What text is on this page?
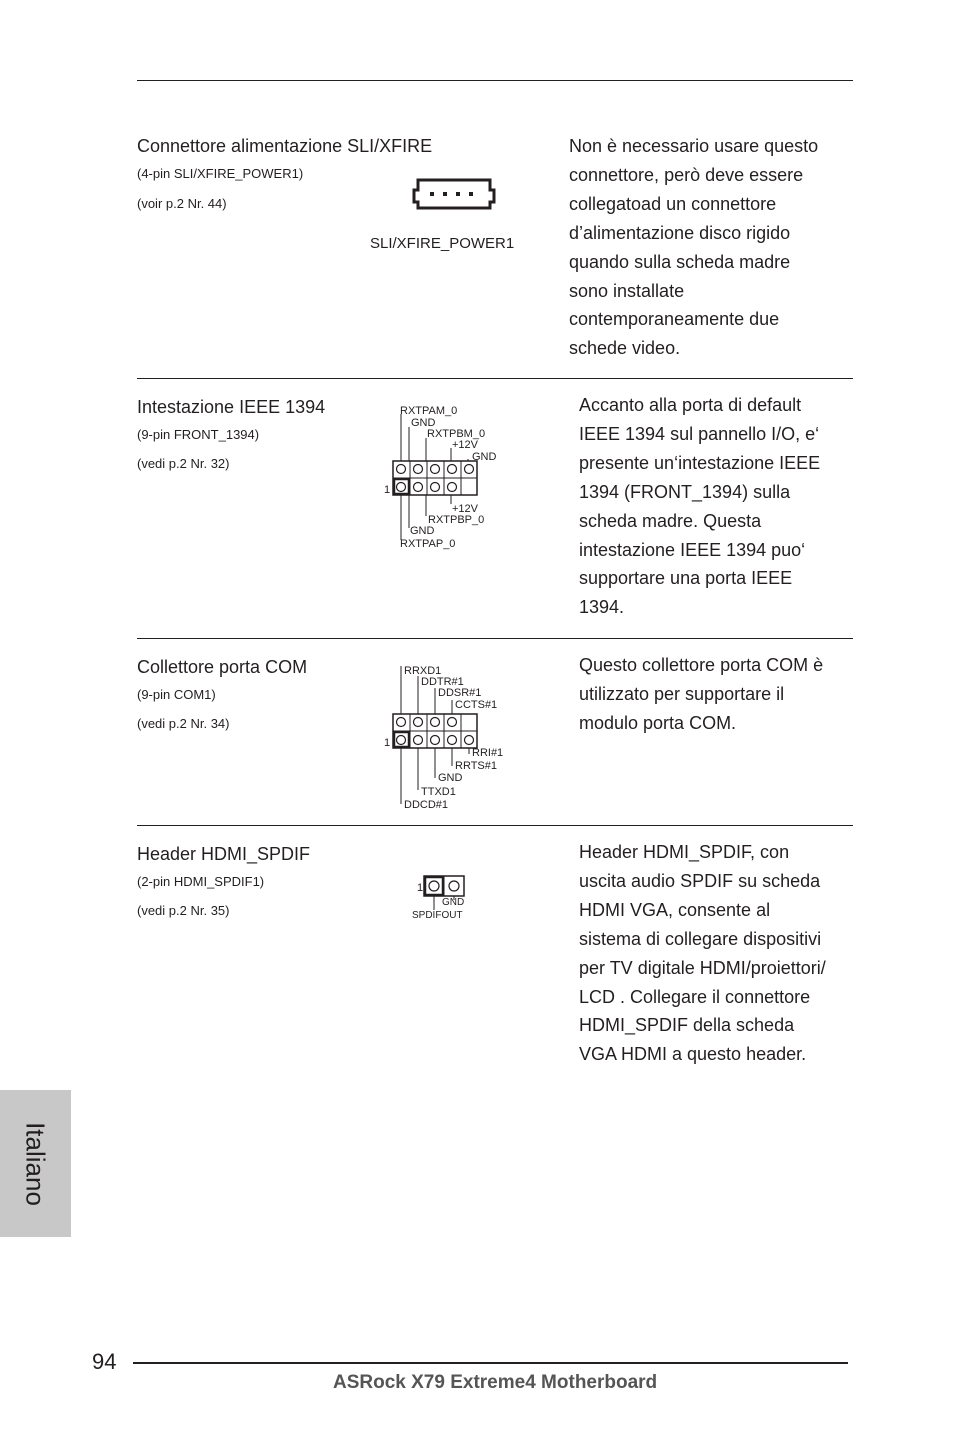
Connettore alimentazione SLI/XFIRE
(4-pin SLI/XFIRE_POWER1)
(voir p.2 Nr. 44)
SLI/XFIRE_POWER1
Non è necessario usare questo
connettore, però deve essere
collegatoad un connettore
d’alimentazione disco rigido
quando sulla scheda madre
sono installate
contemporaneamente due
schede video.
Intestazione IEEE 1394
(9-pin FRONT_1394)
(vedi p.2 Nr. 32)
RXTPAM_0
GND
RXTPBM_0
+12V
GND
1
+12V
RXTPBP_0
GND
RXTPAP_0
Accanto alla porta di default
IEEE 1394 sul pannello I/O, e‘
presente un‘intestazione IEEE
1394 (FRONT_1394) sulla
scheda madre. Questa
intestazione IEEE 1394 puo‘
supportare una porta IEEE
1394.
Collettore porta COM
(9-pin COM1)
(vedi p.2 Nr. 34)
RRXD1
DDTR#1
DDSR#1
CCTS#1
1
RRI#1
RRTS#1
GND
TTXD1
DDCD#1
Questo collettore porta COM è
utilizzato per supportare il
modulo porta COM.
Header HDMI_SPDIF
(2-pin HDMI_SPDIF1)
(vedi p.2 Nr. 35)
1
GND
SPDIFOUT
Header HDMI_SPDIF, con
uscita audio SPDIF su scheda
HDMI VGA, consente al
sistema di collegare dispositivi
per TV digitale HDMI/proiettori/
LCD . Collegare il connettore
HDMI_SPDIF della scheda
VGA HDMI a questo header.
Italiano
94
ASRock X79 Extreme4 Motherboard
